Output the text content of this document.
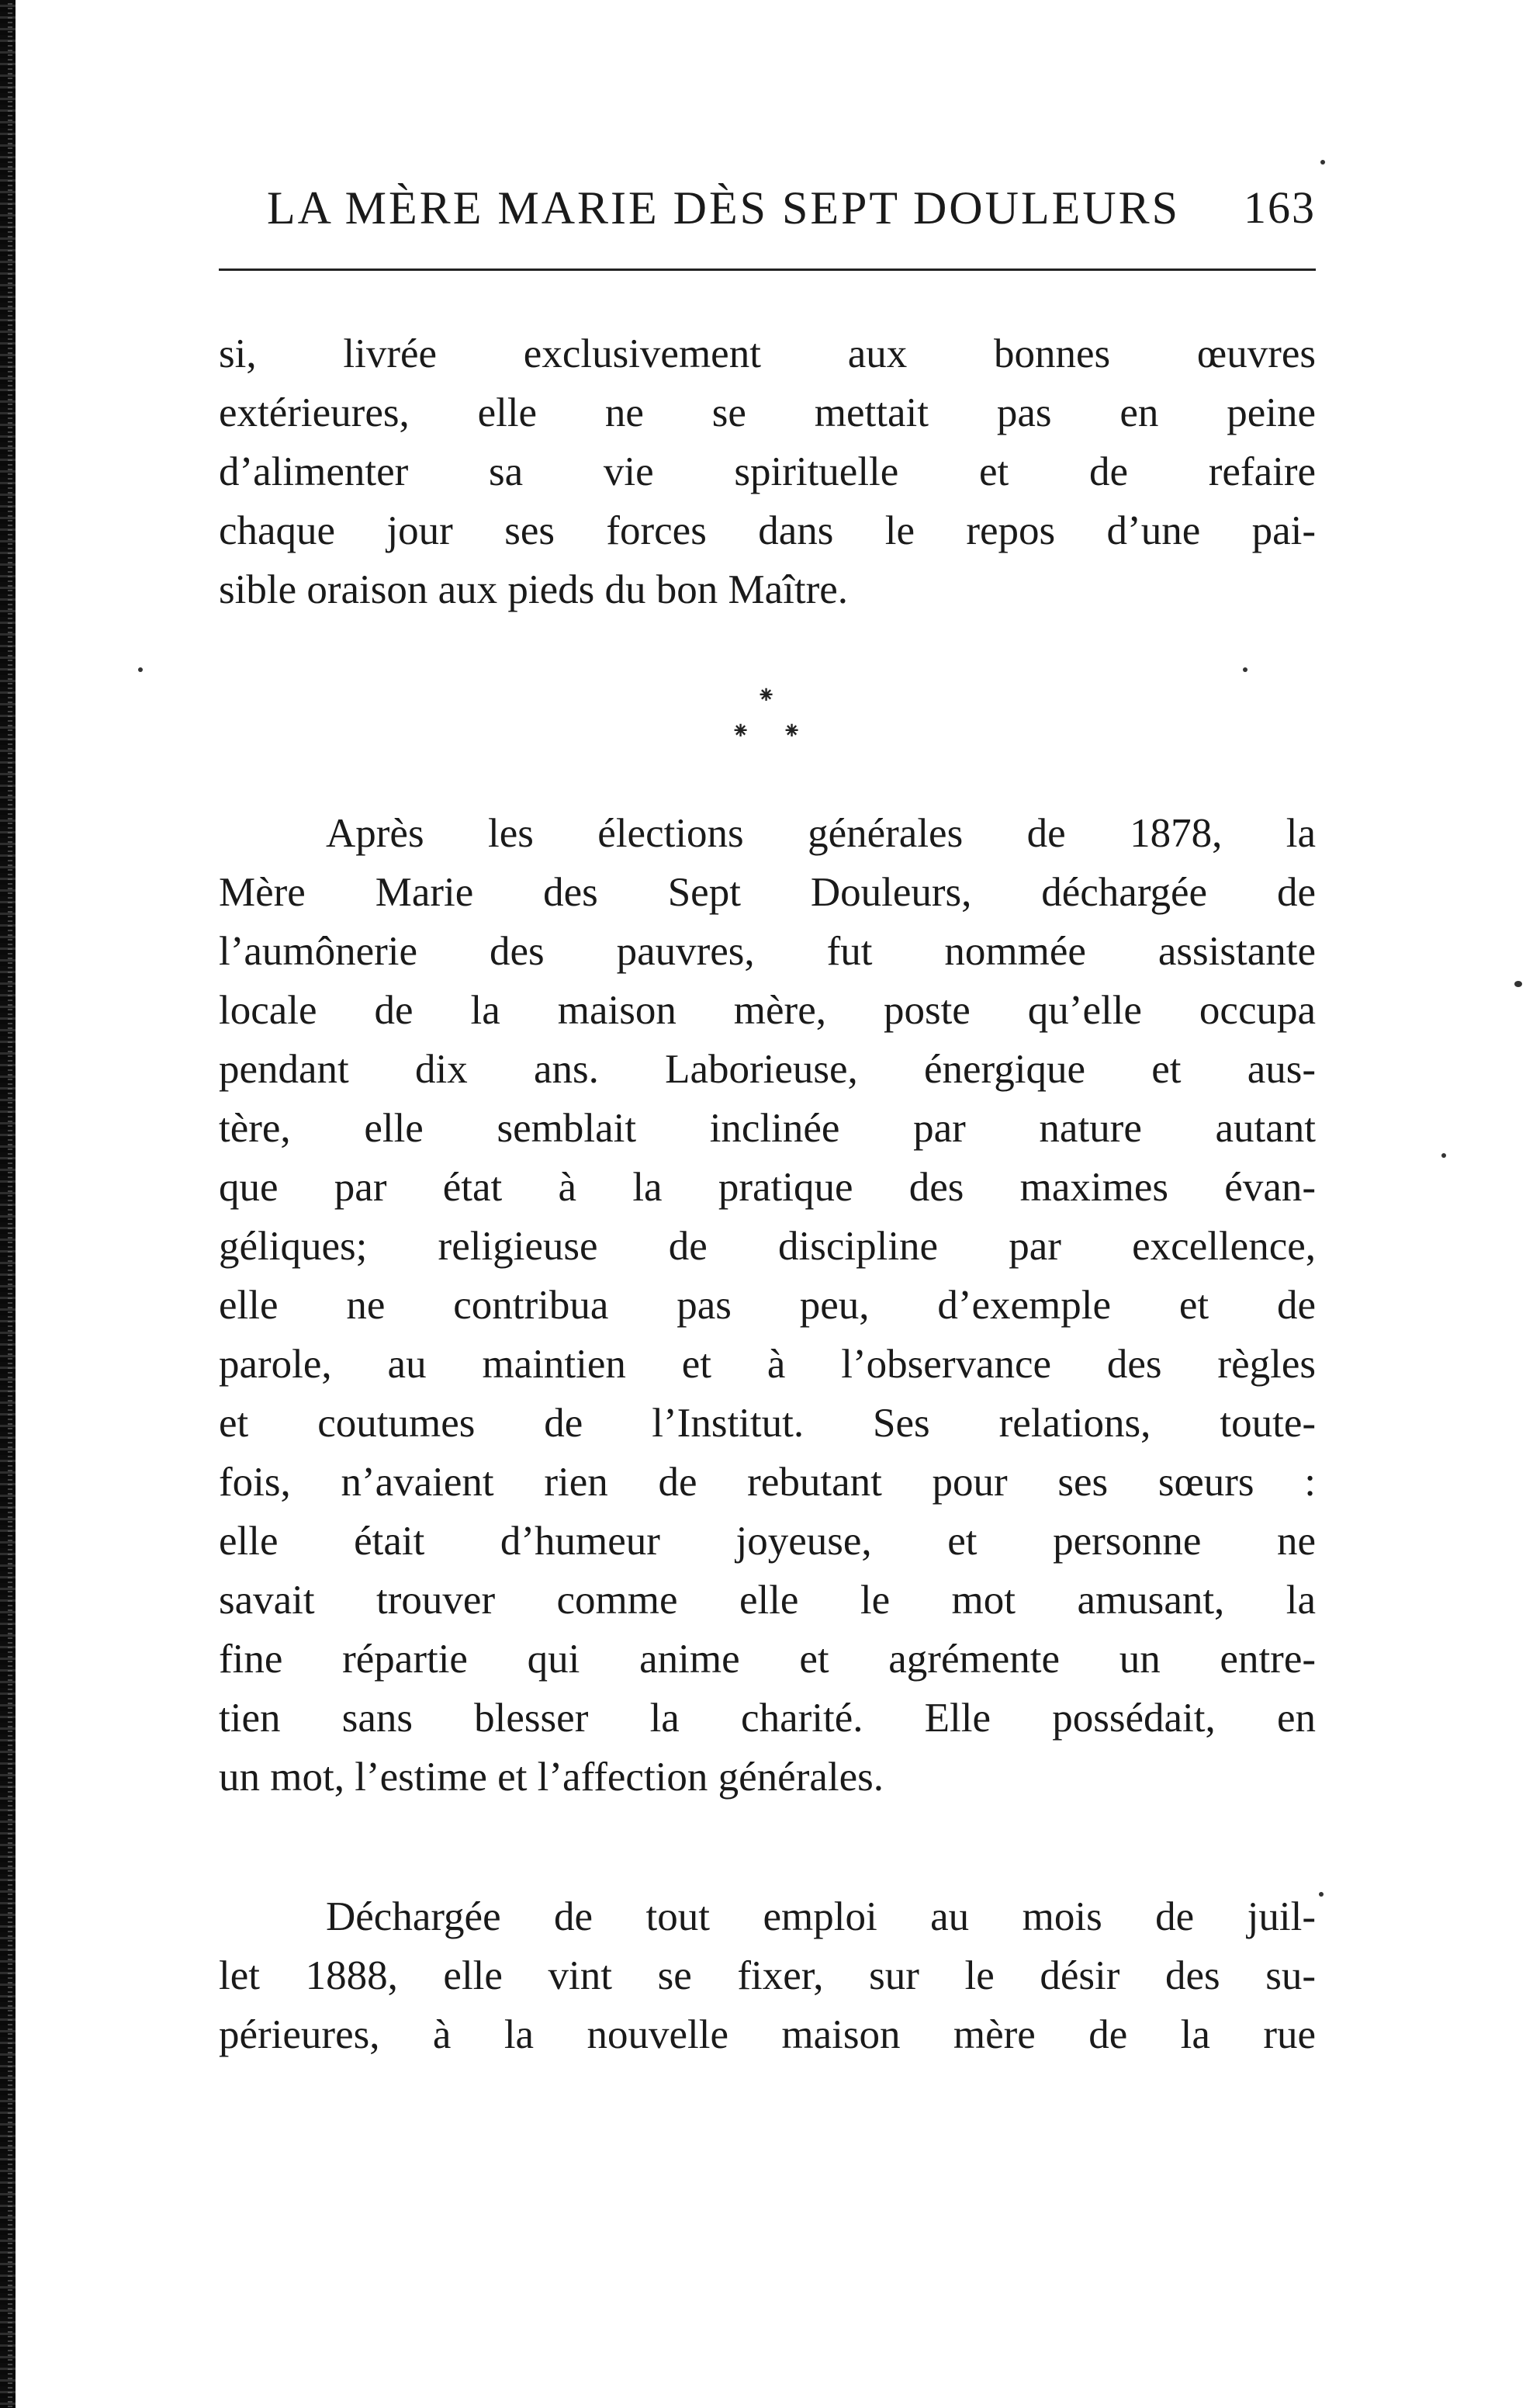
LA MÈRE MARIE DÈS SEPT DOULEURS 163
si, livrée exclusivement aux bonnes œuvres
extérieures, elle ne se mettait pas en peine
d’alimenter sa vie spirituelle et de refaire
chaque jour ses forces dans le repos d’une pai-
sible oraison aux pieds du bon Maître.
⁕
⁕ ⁕
Après les élections générales de 1878, la
Mère Marie des Sept Douleurs, déchargée de
l’aumônerie des pauvres, fut nommée assistante
locale de la maison mère, poste qu’elle occupa
pendant dix ans. Laborieuse, énergique et aus-
tère, elle semblait inclinée par nature autant
que par état à la pratique des maximes évan-
géliques; religieuse de discipline par excellence,
elle ne contribua pas peu, d’exemple et de
parole, au maintien et à l’observance des règles
et coutumes de l’Institut. Ses relations, toute-
fois, n’avaient rien de rebutant pour ses sœurs :
elle était d’humeur joyeuse, et personne ne
savait trouver comme elle le mot amusant, la
fine répartie qui anime et agrémente un entre-
tien sans blesser la charité. Elle possédait, en
un mot, l’estime et l’affection générales.
Déchargée de tout emploi au mois de juil-
let 1888, elle vint se fixer, sur le désir des su-
périeures, à la nouvelle maison mère de la rue
